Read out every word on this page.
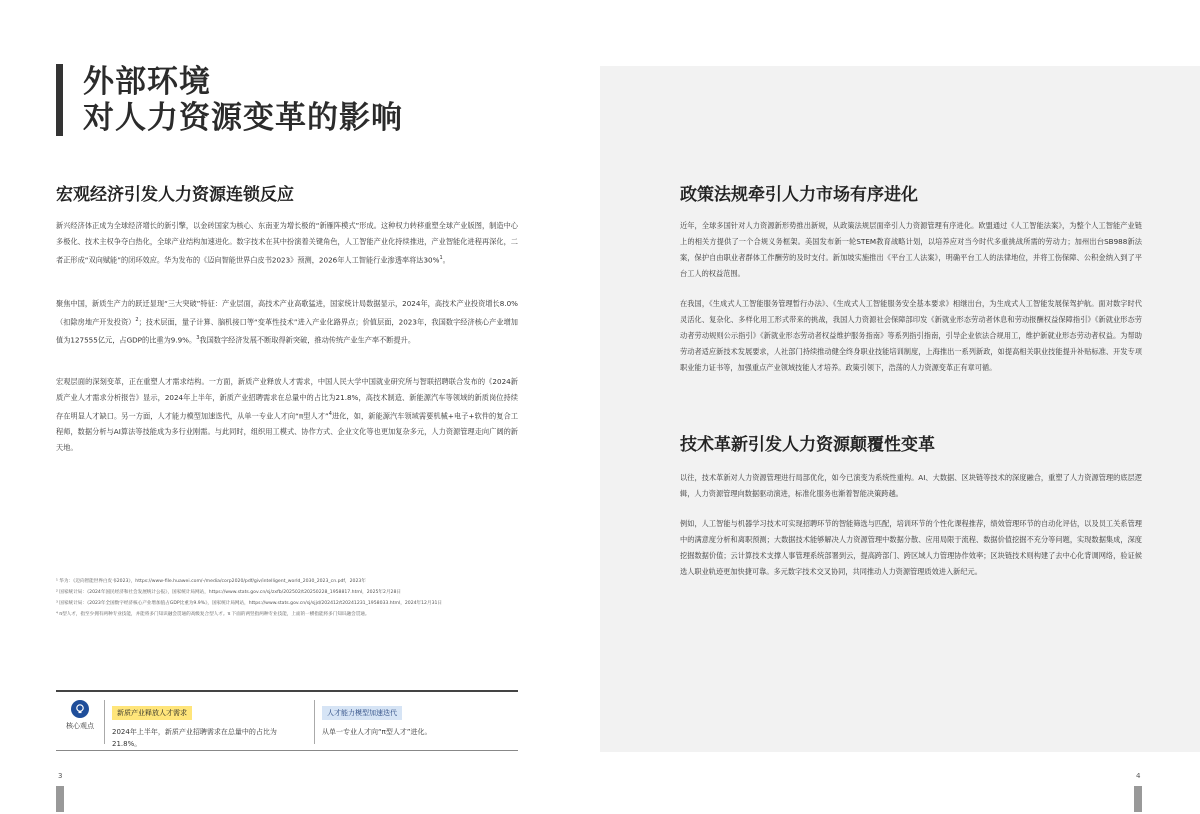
外部环境
对人力资源变革的影响
宏观经济引发人力资源连锁反应

新兴经济体正成为全球经济增长的新引擎，以金砖国家为核心、东南亚为增长极的“新雁阵模式”形成。这种权力转移重塑全球产业版图，制造中心多极化、技术主权争夺白热化，全球产业结构加速进化。数字技术在其中扮演着关键角色，人工智能产业化持续推进，产业智能化进程再深化，二者正形成“双向赋能”的闭环效应。华为发布的《迈向智能世界白皮书2023》预测，2026年人工智能行业渗透率将达30%$^1$。

聚焦中国，新质生产力的跃迁显现“三大突破”特征：产业层面，高技术产业高歌猛进，国家统计局数据显示，2024年，高技术产业投资增长8.0%（扣除房地产开发投资）$^2$；技术层面，量子计算、脑机接口等“变革性技术”进入产业化路界点；价值层面，2023年，我国数字经济核心产业增加值为127555亿元，占GDP的比重为9.9%。$^3$我国数字经济发展不断取得新突破，推动传统产业生产率不断提升。

宏观层面的深刻变革，正在重塑人才需求结构。一方面，新质产业释放人才需求，中国人民大学中国就业研究所与智联招聘联合发布的《2024新质产业人才需求分析报告》显示，2024年上半年，新质产业招聘需求在总量中的占比为21.8%，高技术制造、新能源汽车等领域的新质岗位持续存在明显人才缺口。另一方面，人才能力模型加速迭代，从单一专业人才向“π型人才”$^4$进化，如，新能源汽车领域需要机械+电子+软件的复合工程师，数据分析与AI算法等技能成为多行业刚需。与此同时，组织用工模式、协作方式、企业文化等也更加复杂多元，人力资源管理走向广阔的新天地。

¹ 华为：《迈向智能世界白皮书2023》，https://www-file.huawei.com/-/media/corp2020/pdf/giv/intelligent_world_2030_2023_cn.pdf，2023年

² 国家统计局：《2024年国民经济和社会发展统计公报》，国家统计局网站，https://www.stats.gov.cn/sj/zxfb/202502/t20250228_1958817.html，2025年2月28日

³ 国家统计局：《2023年全国数字经济核心产业增加值占GDP比重为9.9%》，国家统计局网站，https://www.stats.gov.cn/sj/sjjd/202412/t20241231_1958033.html，2024年12月31日

⁴ π型人才，指至少拥有两种专业技能，并能将多门知识融会贯通的高级复合型人才。π 下面的两竖指两种专业技能，上面的一横指能将多门知识融会贯通。

核心观点
新质产业释放人才需求
2024年上半年，新质产业招聘需求在总量中的占比为21.8%。
人才能力模型加速迭代
从单一专业人才向“π型人才”进化。
3
政策法规牵引人力市场有序进化

近年，全球多国针对人力资源新形势推出新规，从政策法规层面牵引人力资源管理有序进化。欧盟通过《人工智能法案》，为整个人工智能产业链上的相关方提供了一个合规义务框架。美国发布新一轮STEM教育战略计划，以培养应对当今时代多重挑战所需的劳动力；加州出台SB988新法案，保护自由职业者群体工作酬劳的及时支付。新加坡实施推出《平台工人法案》，明确平台工人的法律地位，并将工伤保障、公积金纳入到了平台工人的权益范围。

在我国，《生成式人工智能服务管理暂行办法》、《生成式人工智能服务安全基本要求》相继出台，为生成式人工智能发展保驾护航。面对数字时代灵活化、复杂化、多样化用工形式带来的挑战，我国人力资源社会保障部印发《新就业形态劳动者休息和劳动报酬权益保障指引》《新就业形态劳动者劳动规则公示指引》《新就业形态劳动者权益维护服务指南》等系列指引指南，引导企业依法合规用工，维护新就业形态劳动者权益。为帮助劳动者适应新技术发展要求，人社部门持续推动健全终身职业技能培训制度，上海推出一系列新政，如提高相关职业技能提升补贴标准、开发专项职业能力证书等，加强重点产业领域技能人才培养。政策引领下，浩荡的人力资源变革正有章可循。

技术革新引发人力资源颠覆性变革

以往，技术革新对人力资源管理进行局部优化，如今已演变为系统性重构。AI、大数据、区块链等技术的深度融合，重塑了人力资源管理的底层逻辑，人力资源管理向数据驱动演进，标准化服务也渐着智能决策跨越。

例如，人工智能与机器学习技术可实现招聘环节的智能筛选与匹配，培训环节的个性化课程推荐，绩效管理环节的自动化评估，以及员工关系管理中的满意度分析和离职预测；大数据技术能够解决人力资源管理中数据分散、应用局限于流程、数据价值挖掘不充分等问题，实现数据集成，深度挖掘数据价值；云计算技术支撑人事管理系统部署到云，提高跨部门、跨区域人力管理协作效率；区块链技术则构建了去中心化背调网络，验证候选人职业轨迹更加快捷可靠。多元数字技术交叉协同，共同推动人力资源管理质效进入新纪元。

4
